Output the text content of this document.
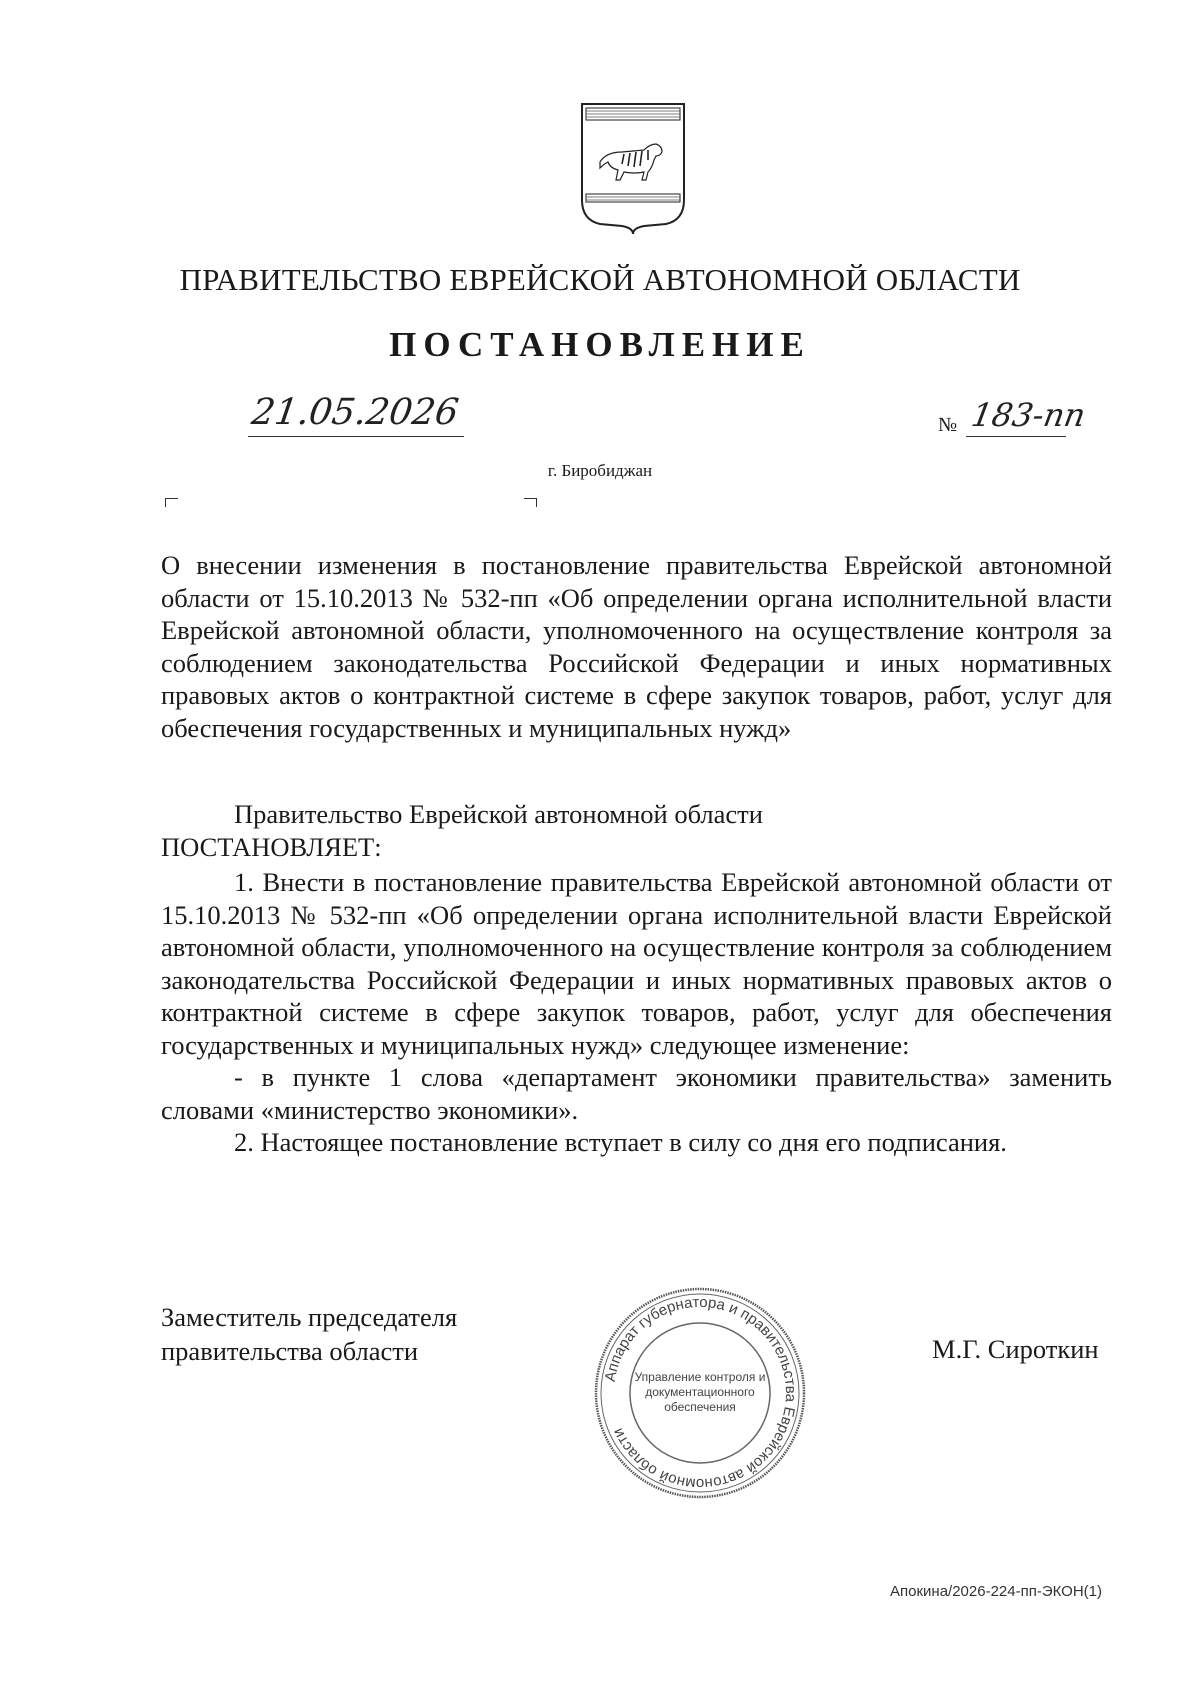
ПРАВИТЕЛЬСТВО ЕВРЕЙСКОЙ АВТОНОМНОЙ ОБЛАСТИ
ПОСТАНОВЛЕНИЕ
21.05.2026	№ 183-пп
г. Биробиджан
О внесении изменения в постановление правительства Еврейской автономной области от 15.10.2013 № 532-пп «Об определении органа исполнительной власти Еврейской автономной области, уполномоченного на осуществление контроля за соблюдением законодательства Российской Федерации и иных нормативных правовых актов о контрактной системе в сфере закупок товаров, работ, услуг для обеспечения государственных и муниципальных нужд»
Правительство Еврейской автономной области
ПОСТАНОВЛЯЕТ:

1. Внести в постановление правительства Еврейской автономной области от 15.10.2013 № 532-пп «Об определении органа исполнительной власти Еврейской автономной области, уполномоченного на осуществление контроля за соблюдением законодательства Российской Федерации и иных нормативных правовых актов о контрактной системе в сфере закупок товаров, работ, услуг для обеспечения государственных и муниципальных нужд» следующее изменение:

- в пункте 1 слова «департамент экономики правительства» заменить словами «министерство экономики».

2. Настоящее постановление вступает в силу со дня его подписания.

Заместитель председателя
правительства области	М.Г. Сироткин
Аппарат губернатора и правительства Еврейской автономной области
Управление контроля и
документационного
обеспечения
Апокина/2026-224-пп-ЭКОН(1)
